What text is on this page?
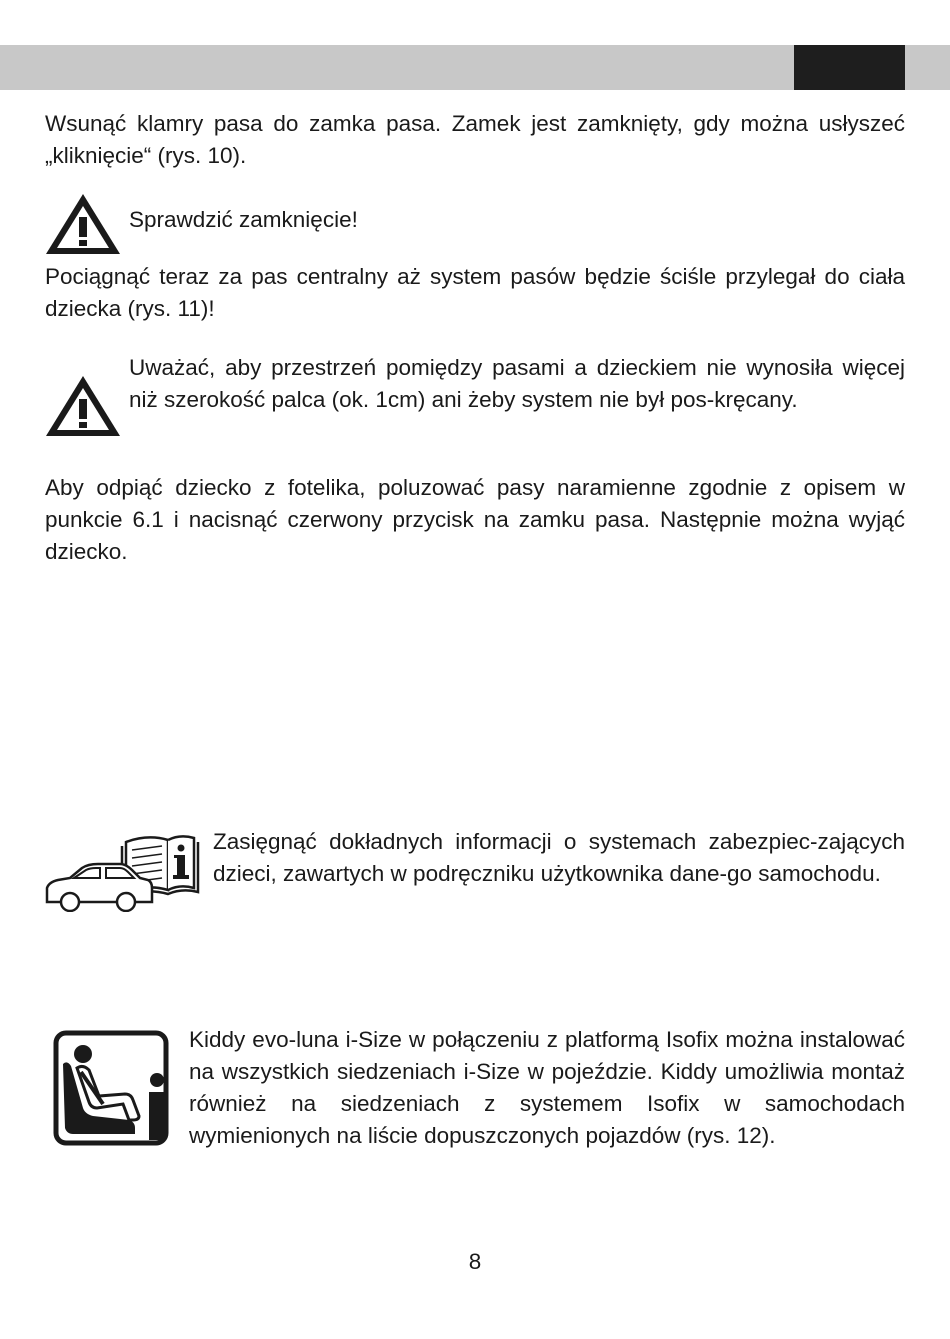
Wsunąć klamry pasa do zamka pasa. Zamek jest zamknięty, gdy można usłyszeć „kliknięcie“ (rys. 10).

Sprawdzić zamknięcie!

Pociągnąć teraz za pas centralny aż system pasów będzie ściśle przylegał do ciała dziecka (rys. 11)!

Uważać, aby przestrzeń pomiędzy pasami a dzieckiem nie wynosiła więcej niż szerokość palca (ok. 1cm) ani żeby system nie był pos-kręcany.

Aby odpiąć dziecko z fotelika, poluzować pasy naramienne zgodnie z opisem w punkcie 6.1 i nacisnąć czerwony przycisk na zamku pasa. Następnie można wyjąć dziecko.

Zasięgnąć dokładnych informacji o systemach zabezpiec-zających dzieci, zawartych w podręczniku użytkownika dane-go samochodu.

Kiddy evo-luna i-Size w połączeniu z platformą Isofix można instalować na wszystkich siedzeniach i-Size w pojeździe. Kiddy umożliwia montaż również na siedzeniach z systemem Isofix w samochodach wymienionych na liście dopuszczonych pojazdów (rys. 12).

8
